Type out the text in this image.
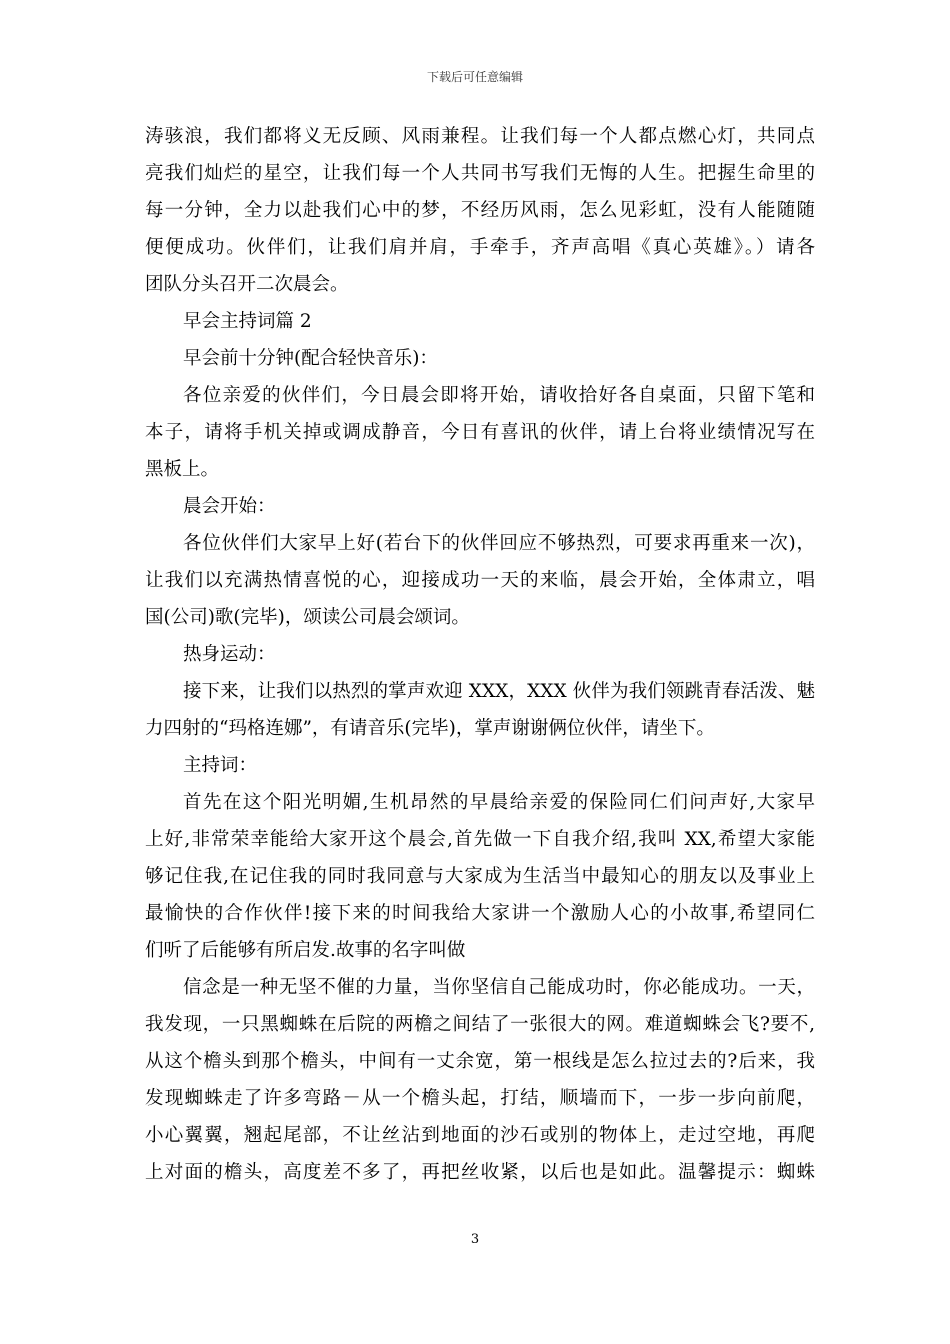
下载后可任意编辑
涛骇浪，我们都将义无反顾、风雨兼程。让我们每一个人都点燃心灯，共同点
亮我们灿烂的星空，让我们每一个人共同书写我们无悔的人生。把握生命里的
每一分钟，全力以赴我们心中的梦，不经历风雨，怎么见彩虹，没有人能随随
便便成功。伙伴们，让我们肩并肩，手牵手，齐声高唱《真心英雄》。）请各
团队分头召开二次晨会。
早会主持词篇 2
早会前十分钟(配合轻快音乐)：
各位亲爱的伙伴们，今日晨会即将开始，请收拾好各自桌面，只留下笔和
本子，请将手机关掉或调成静音，今日有喜讯的伙伴，请上台将业绩情况写在
黑板上。
晨会开始：
各位伙伴们大家早上好(若台下的伙伴回应不够热烈，可要求再重来一次)，
让我们以充满热情喜悦的心，迎接成功一天的来临，晨会开始，全体肃立，唱
国(公司)歌(完毕)，颂读公司晨会颂词。
热身运动：
接下来，让我们以热烈的掌声欢迎 XXX，XXX 伙伴为我们领跳青春活泼、魅
力四射的“玛格连娜”，有请音乐(完毕)，掌声谢谢俩位伙伴，请坐下。
主持词：
首先在这个阳光明媚,生机昂然的早晨给亲爱的保险同仁们问声好,大家早
上好,非常荣幸能给大家开这个晨会,首先做一下自我介绍,我叫 XX,希望大家能
够记住我,在记住我的同时我同意与大家成为生活当中最知心的朋友以及事业上
最愉快的合作伙伴!接下来的时间我给大家讲一个激励人心的小故事,希望同仁
们听了后能够有所启发.故事的名字叫做
信念是一种无坚不催的力量，当你坚信自己能成功时，你必能成功。一天，
我发现，一只黑蜘蛛在后院的两檐之间结了一张很大的网。难道蜘蛛会飞?要不,
从这个檐头到那个檐头，中间有一丈余宽，第一根线是怎么拉过去的?后来，我
发现蜘蛛走了许多弯路－从一个檐头起，打结，顺墙而下，一步一步向前爬，
小心翼翼，翘起尾部，不让丝沾到地面的沙石或别的物体上，走过空地，再爬
上对面的檐头，高度差不多了，再把丝收紧，以后也是如此。温馨提示：蜘蛛
3
